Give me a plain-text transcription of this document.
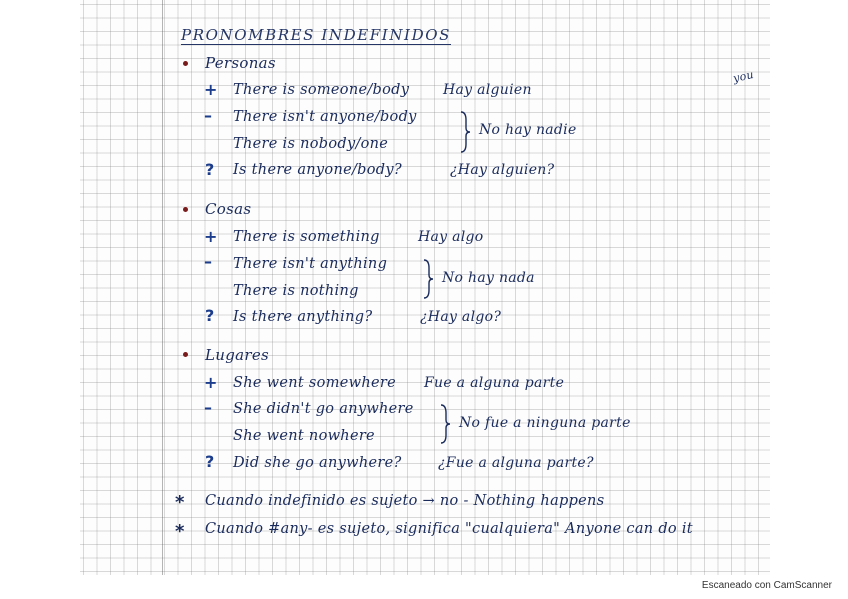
PRONOMBRES INDEFINIDOS
you
Personas
+ There is someone/body Hay alguien
– There isn't anyone/body
There is nobody/one
No hay nadie
? Is there anyone/body?	¿Hay alguien?
Cosas
+ There is something	Hay algo
– There isn't anything
There is nothing
No hay nada
? Is there anything?	¿Hay algo?
Lugares
+ She went somewhere Fue a alguna parte
– She didn't go anywhere
She went nowhere
No fue a ninguna parte
? Did she go anywhere?	¿Fue a alguna parte?
* Cuando indefinido es sujeto → no - Nothing happens
* Cuando #any- es sujeto, significa "cualquiera" Anyone can do it
Escaneado con CamScanner
